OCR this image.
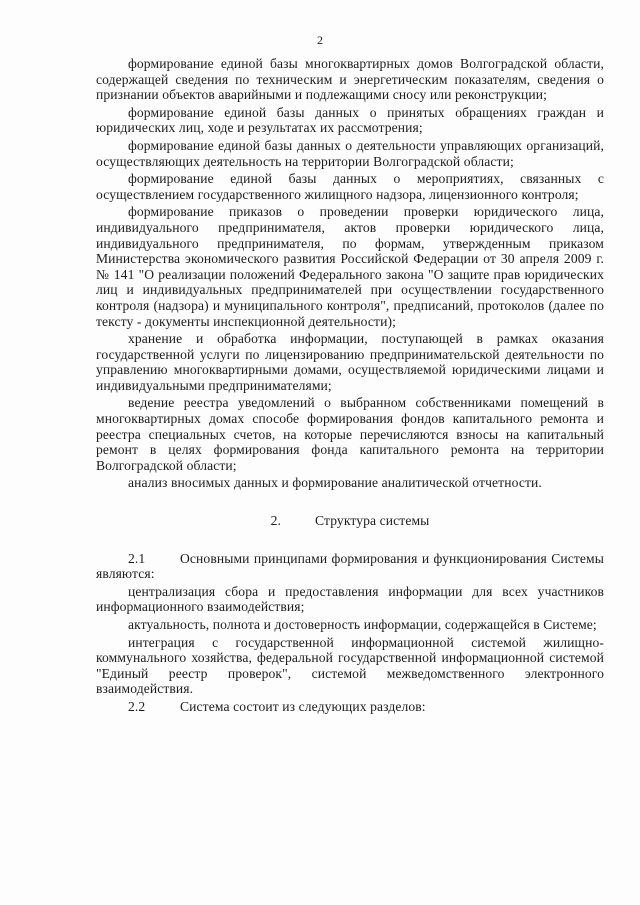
2

формирование единой базы многоквартирных домов Волгоградской области, содержащей сведения по техническим и энергетическим показателям, сведения о признании объектов аварийными и подлежащими сносу или реконструкции;

формирование единой базы данных о принятых обращениях граждан и юридических лиц, ходе и результатах их рассмотрения;

формирование единой базы данных о деятельности управляющих организаций, осуществляющих деятельность на территории Волгоградской области;

формирование единой базы данных о мероприятиях, связанных с осуществлением государственного жилищного надзора, лицензионного контроля;

формирование приказов о проведении проверки юридического лица, индивидуального предпринимателя, актов проверки юридического лица, индивидуального предпринимателя, по формам, утвержденным приказом Министерства экономического развития Российской Федерации от 30 апреля 2009 г. № 141 "О реализации положений Федерального закона "О защите прав юридических лиц и индивидуальных предпринимателей при осуществлении государственного контроля (надзора) и муниципального контроля", предписаний, протоколов (далее по тексту - документы инспекционной деятельности);

хранение и обработка информации, поступающей в рамках оказания государственной услуги по лицензированию предпринимательской деятельности по управлению многоквартирными домами, осуществляемой юридическими лицами и индивидуальными предпринимателями;

ведение реестра уведомлений о выбранном собственниками помещений в многоквартирных домах способе формирования фондов капитального ремонта и реестра специальных счетов, на которые перечисляются взносы на капитальный ремонт в целях формирования фонда капитального ремонта на территории Волгоградской области;

анализ вносимых данных и формирование аналитической отчетности.

2.	Структура системы

2.1	Основными принципами формирования и функционирования Системы являются:

централизация сбора и предоставления информации для всех участников информационного взаимодействия;

актуальность, полнота и достоверность информации, содержащейся в Системе;

интеграция с государственной информационной системой жилищно-коммунального хозяйства, федеральной государственной информационной системой "Единый реестр проверок", системой межведомственного электронного взаимодействия.

2.2	Система состоит из следующих разделов:
